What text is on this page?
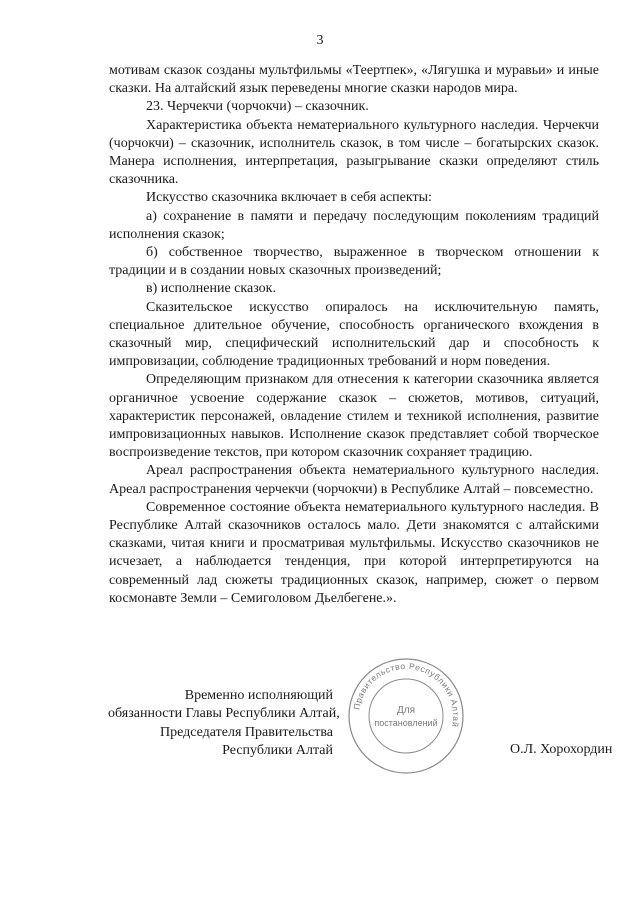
3

мотивам сказок созданы мультфильмы «Теертпек», «Лягушка и муравьи» и иные сказки. На алтайский язык переведены многие сказки народов мира.

23. Черчекчи (чорчокчи) – сказочник.

Характеристика объекта нематериального культурного наследия. Черчекчи (чорчокчи) – сказочник, исполнитель сказок, в том числе – богатырских сказок. Манера исполнения, интерпретация, разыгрывание сказки определяют стиль сказочника.

Искусство сказочника включает в себя аспекты:

а) сохранение в памяти и передачу последующим поколениям традиций исполнения сказок;

б) собственное творчество, выраженное в творческом отношении к традиции и в создании новых сказочных произведений;

в) исполнение сказок.

Сказительское искусство опиралось на исключительную память, специальное длительное обучение, способность органического вхождения в сказочный мир, специфический исполнительский дар и способность к импровизации, соблюдение традиционных требований и норм поведения.

Определяющим признаком для отнесения к категории сказочника является органичное усвоение содержание сказок – сюжетов, мотивов, ситуаций, характеристик персонажей, овладение стилем и техникой исполнения, развитие импровизационных навыков. Исполнение сказок представляет собой творческое воспроизведение текстов, при котором сказочник сохраняет традицию.

Ареал распространения объекта нематериального культурного наследия. Ареал распространения черчекчи (чорчокчи) в Республике Алтай – повсеместно.

Современное состояние объекта нематериального культурного наследия. В Республике Алтай сказочников осталось мало. Дети знакомятся с алтайскими сказками, читая книги и просматривая мультфильмы. Искусство сказочников не исчезает, а наблюдается тенденция, при которой интерпретируются на современный лад сюжеты традиционных сказок, например, сюжет о первом космонавте Земли – Семиголовом Дьелбегене.».

Временно исполняющий
обязанности Главы Республики Алтай,
Председателя Правительства
Республики Алтай	О.Л. Хорохордин
Правительство Республики Алтай
Для
постановлений
